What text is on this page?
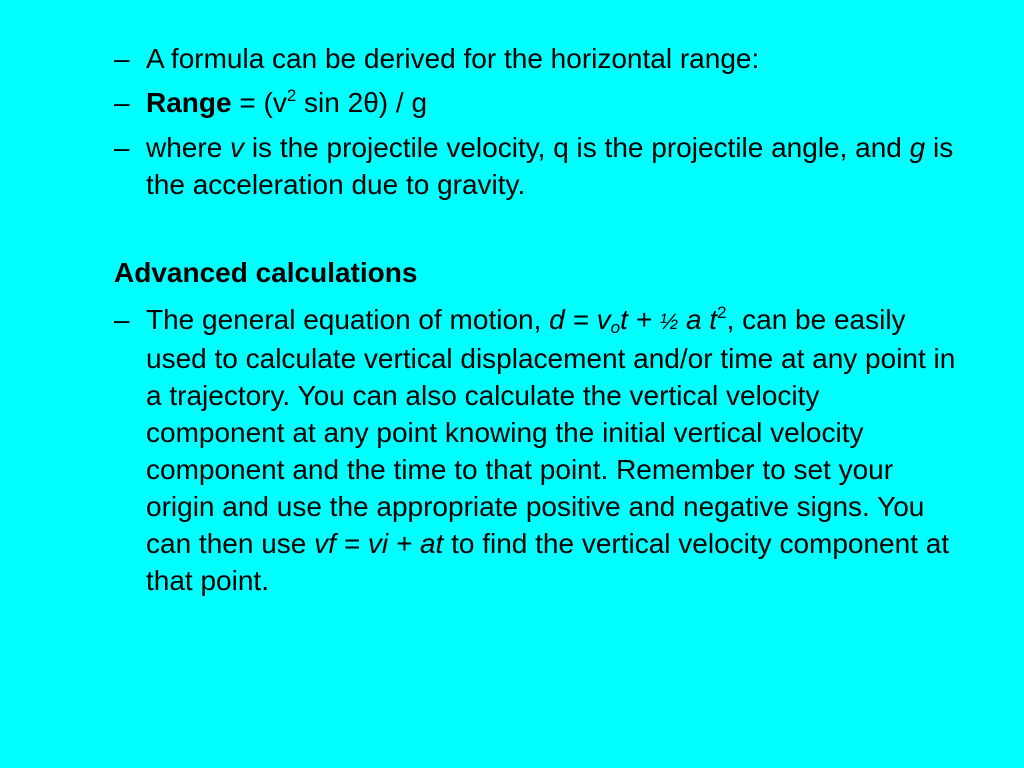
– A formula can be derived for the horizontal range:
– Range = ($v^2$ sin 2θ) / g
– where v is the projectile velocity, q is the projectile angle, and g is the acceleration due to gravity.
Advanced calculations
– The general equation of motion, $d = v_ot$ + ½ a $t^2$, can be easily used to calculate vertical displacement and/or time at any point in a trajectory. You can also calculate the vertical velocity component at any point knowing the initial vertical velocity component and the time to that point. Remember to set your origin and use the appropriate positive and negative signs. You can then use vf = vi + at to find the vertical velocity component at that point.
